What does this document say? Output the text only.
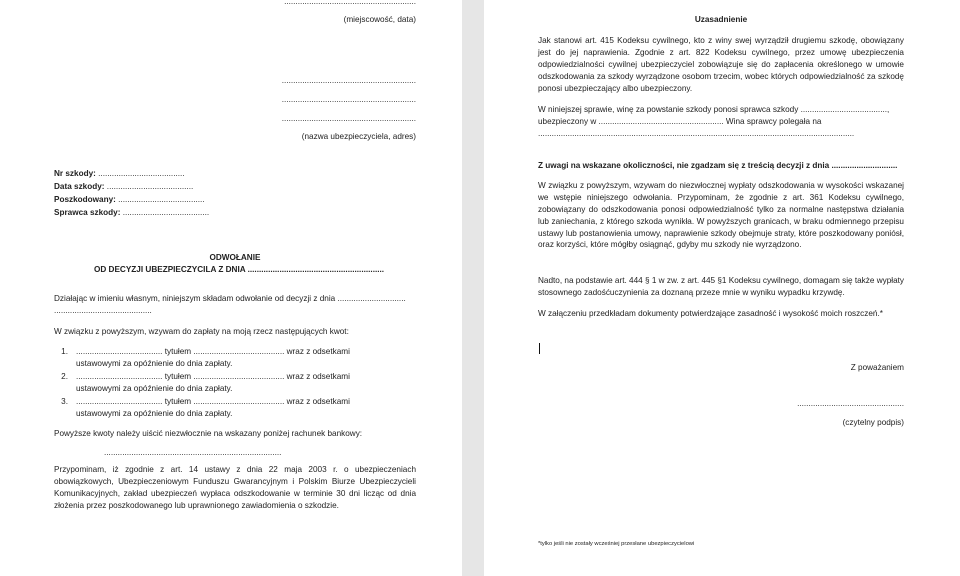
..........................................................
(miejscowość, data)
...........................................................
...........................................................
...........................................................
(nazwa ubezpieczyciela, adres)
Nr szkody: ......................................
Data szkody: ......................................
Poszkodowany: ......................................
Sprawca szkody: ......................................
ODWOŁANIE
OD DECYZJI UBEZPIECZYCILA Z DNIA ............................................................
Działając w imieniu własnym, niniejszym składam odwołanie od decyzji z dnia ..............................
...........................................
W związku z powyższym, wzywam do zapłaty na moją rzecz następujących kwot:
1. ...................................... tytułem ........................................ wraz z odsetkami
ustawowymi za opóźnienie do dnia zapłaty.
2. ...................................... tytułem ........................................ wraz z odsetkami
ustawowymi za opóźnienie do dnia zapłaty.
3. ...................................... tytułem ........................................ wraz z odsetkami
ustawowymi za opóźnienie do dnia zapłaty.
Powyższe kwoty należy uiścić niezwłocznie na wskazany poniżej rachunek bankowy:
..............................................................................
Przypominam, iż zgodnie z art. 14 ustawy z dnia 22 maja 2003 r. o ubezpieczeniach obowiązkowych, Ubezpieczeniowym Funduszu Gwarancyjnym i Polskim Biurze Ubezpieczycieli Komunikacyjnych, zakład ubezpieczeń wypłaca odszkodowanie w terminie 30 dni licząc od dnia złożenia przez poszkodowanego lub uprawnionego zawiadomienia o szkodzie.
Uzasadnienie
Jak stanowi art. 415 Kodeksu cywilnego, kto z winy swej wyrządził drugiemu szkodę, obowiązany jest do jej naprawienia. Zgodnie z art. 822 Kodeksu cywilnego, przez umowę ubezpieczenia odpowiedzialności cywilnej ubezpieczyciel zobowiązuje się do zapłacenia określonego w umowie odszkodowania za szkody wyrządzone osobom trzecim, wobec których odpowiedzialność za szkodę ponosi ubezpieczający albo ubezpieczony.
W niniejszej sprawie, winę za powstanie szkody ponosi sprawca szkody ......................................,
ubezpieczony w ....................................................... Wina sprawcy polegała na
...........................................................................................................................................
Z uwagi na wskazane okoliczności, nie zgadzam się z treścią decyzji z dnia .............................
W związku z powyższym, wzywam do niezwłocznej wypłaty odszkodowania w wysokości wskazanej we wstępie niniejszego odwołania. Przypominam, że zgodnie z art. 361 Kodeksu cywilnego, zobowiązany do odszkodowania ponosi odpowiedzialność tylko za normalne następstwa działania lub zaniechania, z którego szkoda wynikła. W powyższych granicach, w braku odmiennego przepisu ustawy lub postanowienia umowy, naprawienie szkody obejmuje straty, które poszkodowany poniósł, oraz korzyści, które mógłby osiągnąć, gdyby mu szkody nie wyrządzono.
Nadto, na podstawie art. 444 § 1 w zw. z art. 445 §1 Kodeksu cywilnego, domagam się także wypłaty stosownego zadośćuczynienia za doznaną przeze mnie w wyniku wypadku krzywdę.
W załączeniu przedkładam dokumenty potwierdzające zasadność i wysokość moich roszczeń.*
Z poważaniem
...............................................
(czytelny podpis)
*tylko jeśli nie zostały wcześniej przesłane ubezpieczycielowi
